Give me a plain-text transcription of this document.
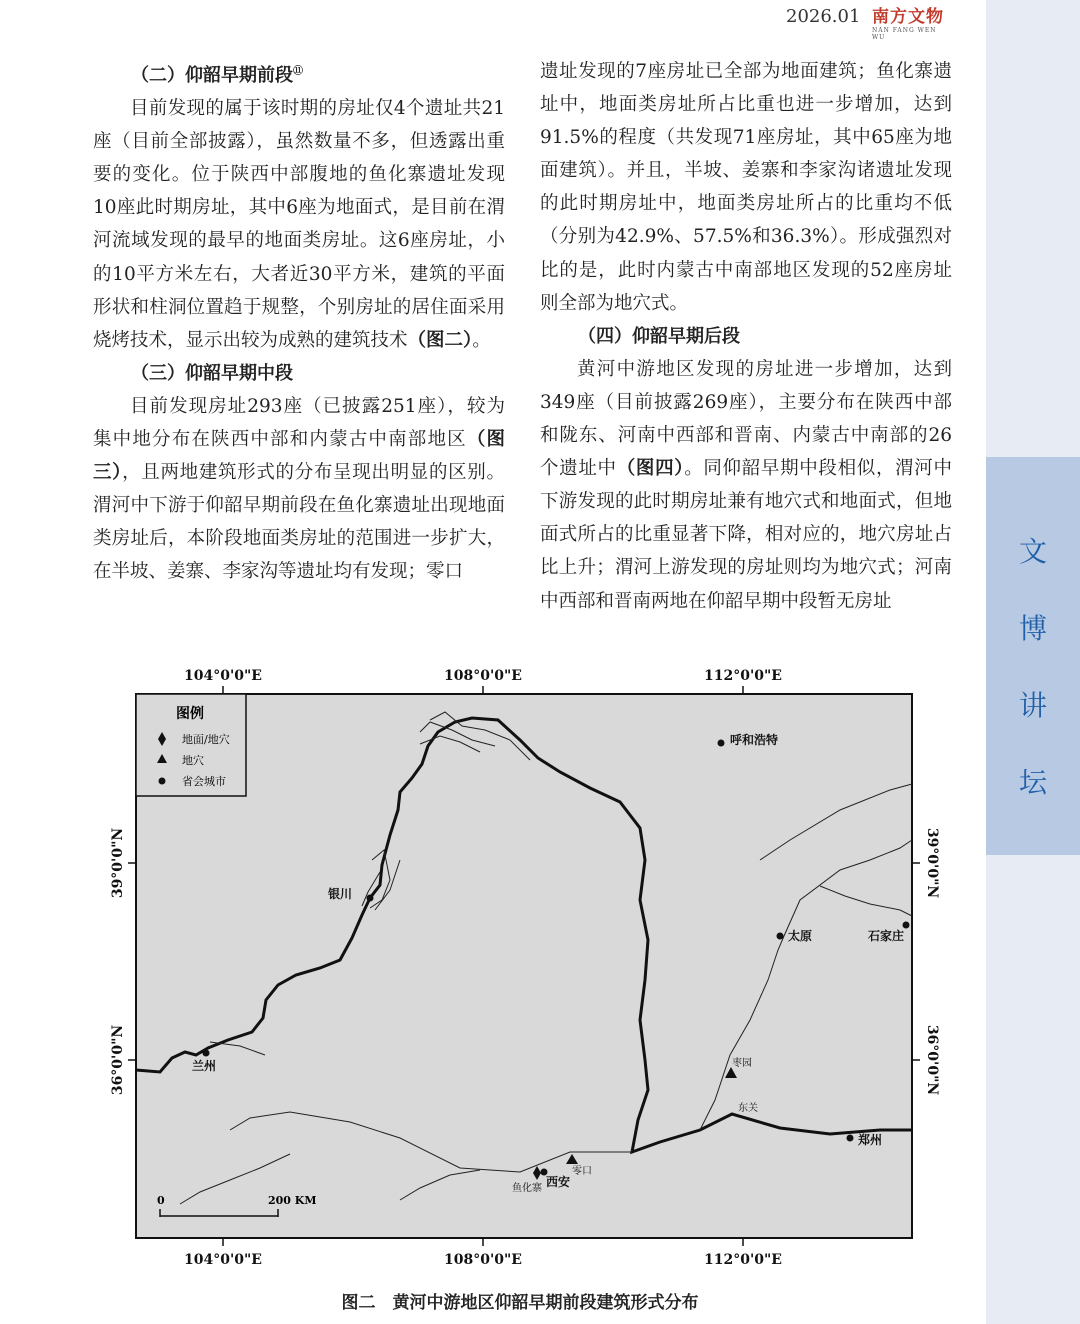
2026.01 南方文物
NAN FANG WEN WU
文
博
讲
坛

（二）仰韶早期前段⑪

目前发现的属于该时期的房址仅4个遗址共21座（目前全部披露），虽然数量不多，但透露出重要的变化。位于陕西中部腹地的鱼化寨遗址发现10座此时期房址，其中6座为地面式，是目前在渭河流域发现的最早的地面类房址。这6座房址，小的10平方米左右，大者近30平方米，建筑的平面形状和柱洞位置趋于规整，个别房址的居住面采用烧烤技术，显示出较为成熟的建筑技术（图二）。

（三）仰韶早期中段

目前发现房址293座（已披露251座），较为集中地分布在陕西中部和内蒙古中南部地区（图三），且两地建筑形式的分布呈现出明显的区别。渭河中下游于仰韶早期前段在鱼化寨遗址出现地面类房址后，本阶段地面类房址的范围进一步扩大，在半坡、姜寨、李家沟等遗址均有发现；零口

遗址发现的7座房址已全部为地面建筑；鱼化寨遗址中，地面类房址所占比重也进一步增加，达到91.5%的程度（共发现71座房址，其中65座为地面建筑）。并且，半坡、姜寨和李家沟诸遗址发现的此时期房址中，地面类房址所占的比重均不低（分别为42.9%、57.5%和36.3%）。形成强烈对比的是，此时内蒙古中南部地区发现的52座房址则全部为地穴式。

（四）仰韶早期后段

黄河中游地区发现的房址进一步增加，达到349座（目前披露269座），主要分布在陕西中部和陇东、河南中西部和晋南、内蒙古中南部的26个遗址中（图四）。同仰韶早期中段相似，渭河中下游发现的此时期房址兼有地穴式和地面式，但地面式所占的比重显著下降，相对应的，地穴房址占比上升；渭河上游发现的房址则均为地穴式；河南中西部和晋南两地在仰韶早期中段暂无房址

104°0'0"E	108°0'0"E	112°0'0"E
104°0'0"E	108°0'0"E	112°0'0"E
39°0'0"N
36°0'0"N
39°0'0"N
36°0'0"N
图例
地面/地穴
地穴
省会城市
呼和浩特
银川
太原	石家庄
兰州
郑州
西安
枣园
东关
零口
鱼化寨
0	200 KM
图二　黄河中游地区仰韶早期前段建筑形式分布
